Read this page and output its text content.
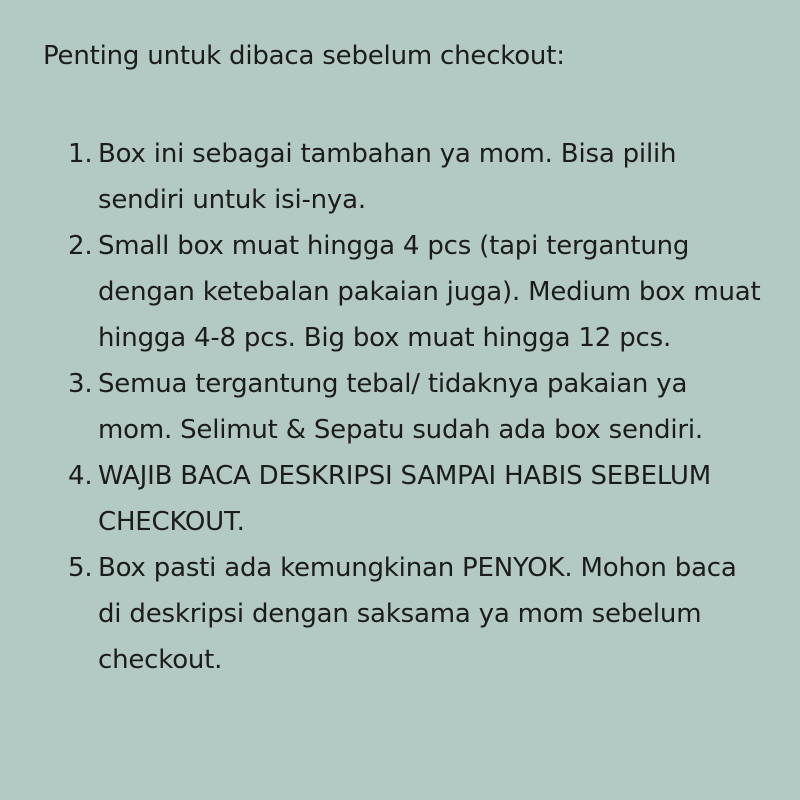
Penting untuk dibaca sebelum checkout:
1. Box ini sebagai tambahan ya mom. Bisa pilih sendiri untuk isi-nya.
2. Small box muat hingga 4 pcs (tapi tergantung dengan ketebalan pakaian juga). Medium box muat hingga 4-8 pcs. Big box muat hingga 12 pcs.
3. Semua tergantung tebal/ tidaknya pakaian ya mom. Selimut & Sepatu sudah ada box sendiri.
4. WAJIB BACA DESKRIPSI SAMPAI HABIS SEBELUM CHECKOUT.
5. Box pasti ada kemungkinan PENYOK. Mohon baca di deskripsi dengan saksama ya mom sebelum checkout.
